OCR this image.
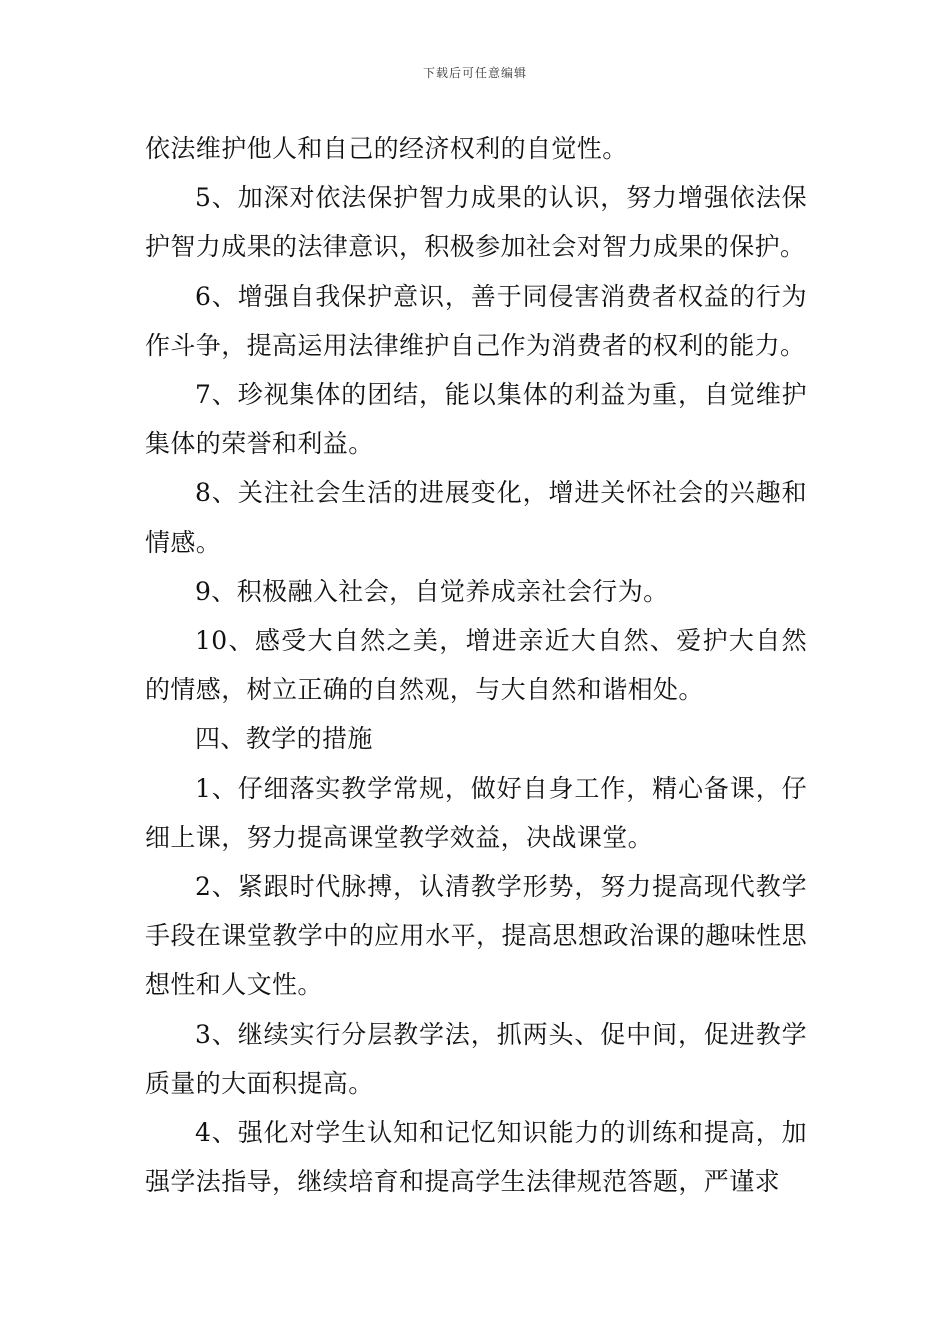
下载后可任意编辑

依法维护他人和自己的经济权利的自觉性。

5、加深对依法保护智力成果的认识，努力增强依法保护智力成果的法律意识，积极参加社会对智力成果的保护。

6、增强自我保护意识，善于同侵害消费者权益的行为作斗争，提高运用法律维护自己作为消费者的权利的能力。

7、珍视集体的团结，能以集体的利益为重，自觉维护集体的荣誉和利益。

8、关注社会生活的进展变化，增进关怀社会的兴趣和情感。

9、积极融入社会，自觉养成亲社会行为。

10、感受大自然之美，增进亲近大自然、爱护大自然的情感，树立正确的自然观，与大自然和谐相处。

四、教学的措施

1、仔细落实教学常规，做好自身工作，精心备课，仔细上课，努力提高课堂教学效益，决战课堂。

2、紧跟时代脉搏，认清教学形势，努力提高现代教学手段在课堂教学中的应用水平，提高思想政治课的趣味性思想性和人文性。

3、继续实行分层教学法，抓两头、促中间，促进教学质量的大面积提高。

4、强化对学生认知和记忆知识能力的训练和提高，加强学法指导，继续培育和提高学生法律规范答题，严谨求
